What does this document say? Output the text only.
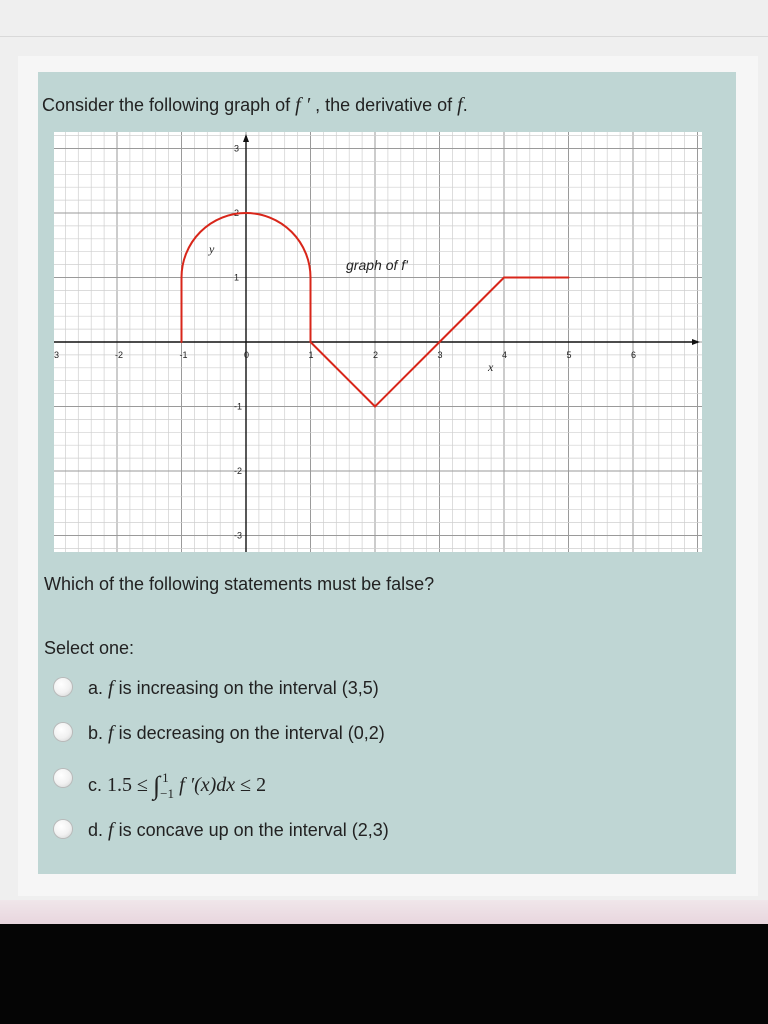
Consider the following graph of f ′ , the derivative of f.
3	-2	-1	0	1	2	3	4	5	6
3
2
1
-1
-2
-3
graph of f'
y
x
Which of the following statements must be false?
Select one:
a. f is increasing on the interval (3,5)
b. f is decreasing on the interval (0,2)
c. 1.5 ≤ ∫ 1
−1 f ′(x)dx ≤ 2
d. f is concave up on the interval (2,3)
